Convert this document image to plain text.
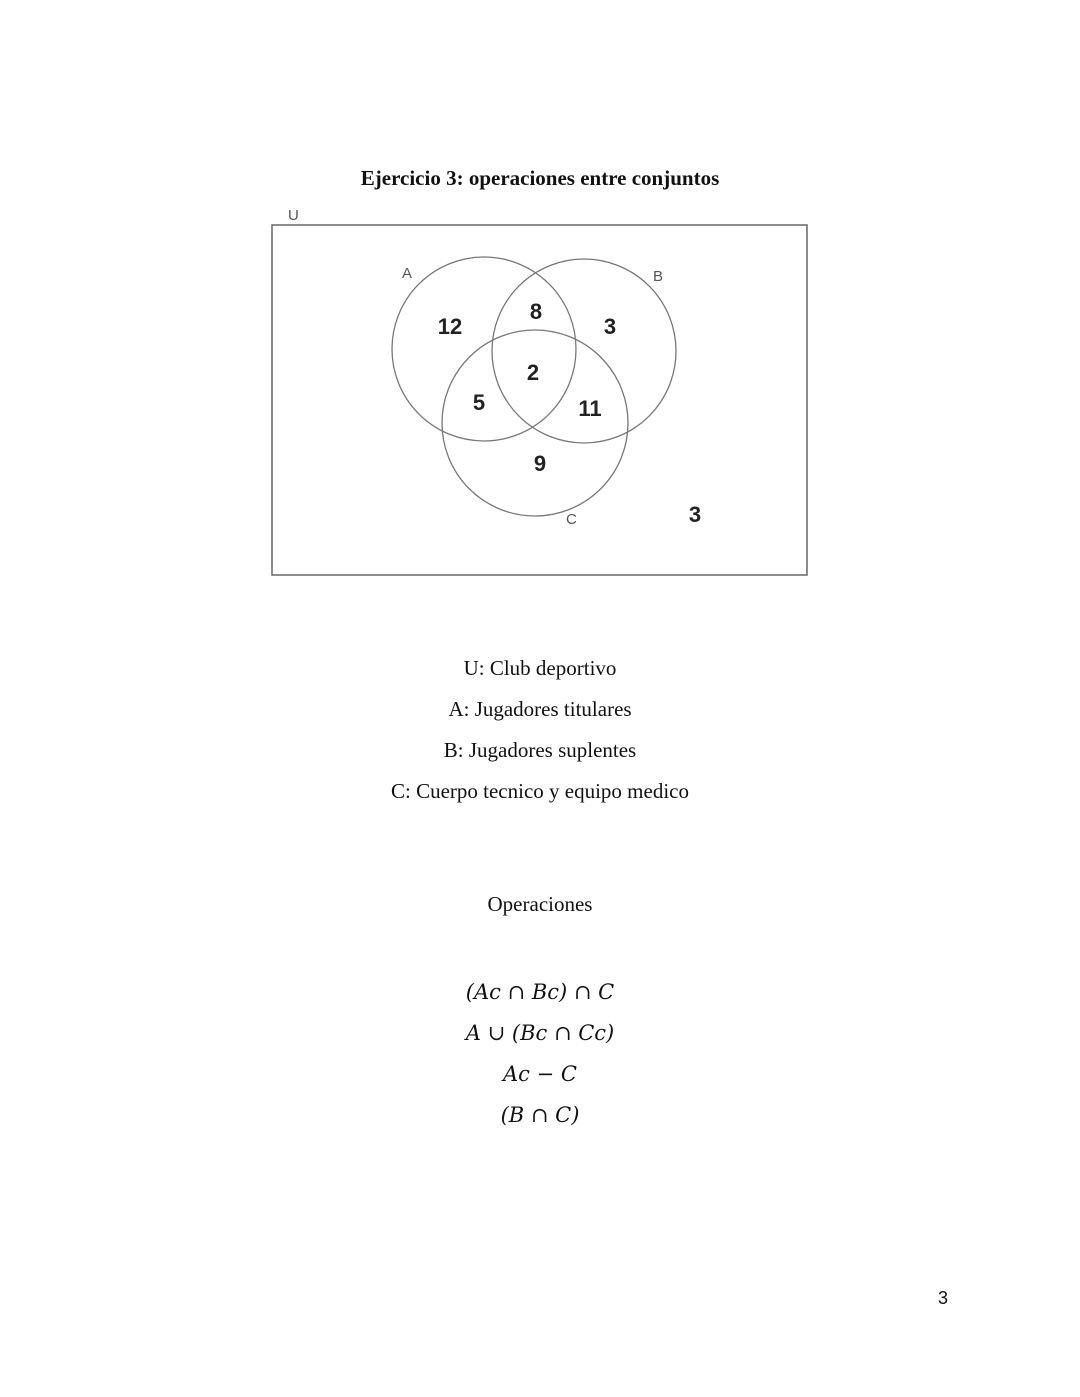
Ejercicio 3: operaciones entre conjuntos
U
A	B
C
12
8
3
2
5	11
9
3
U: Club deportivo
A: Jugadores titulares
B: Jugadores suplentes
C: Cuerpo tecnico y equipo medico
Operaciones
(Ac ∩ Bc) ∩ C
A ∪ (Bc ∩ Cc)
Ac − C
(B ∩ C)
3
